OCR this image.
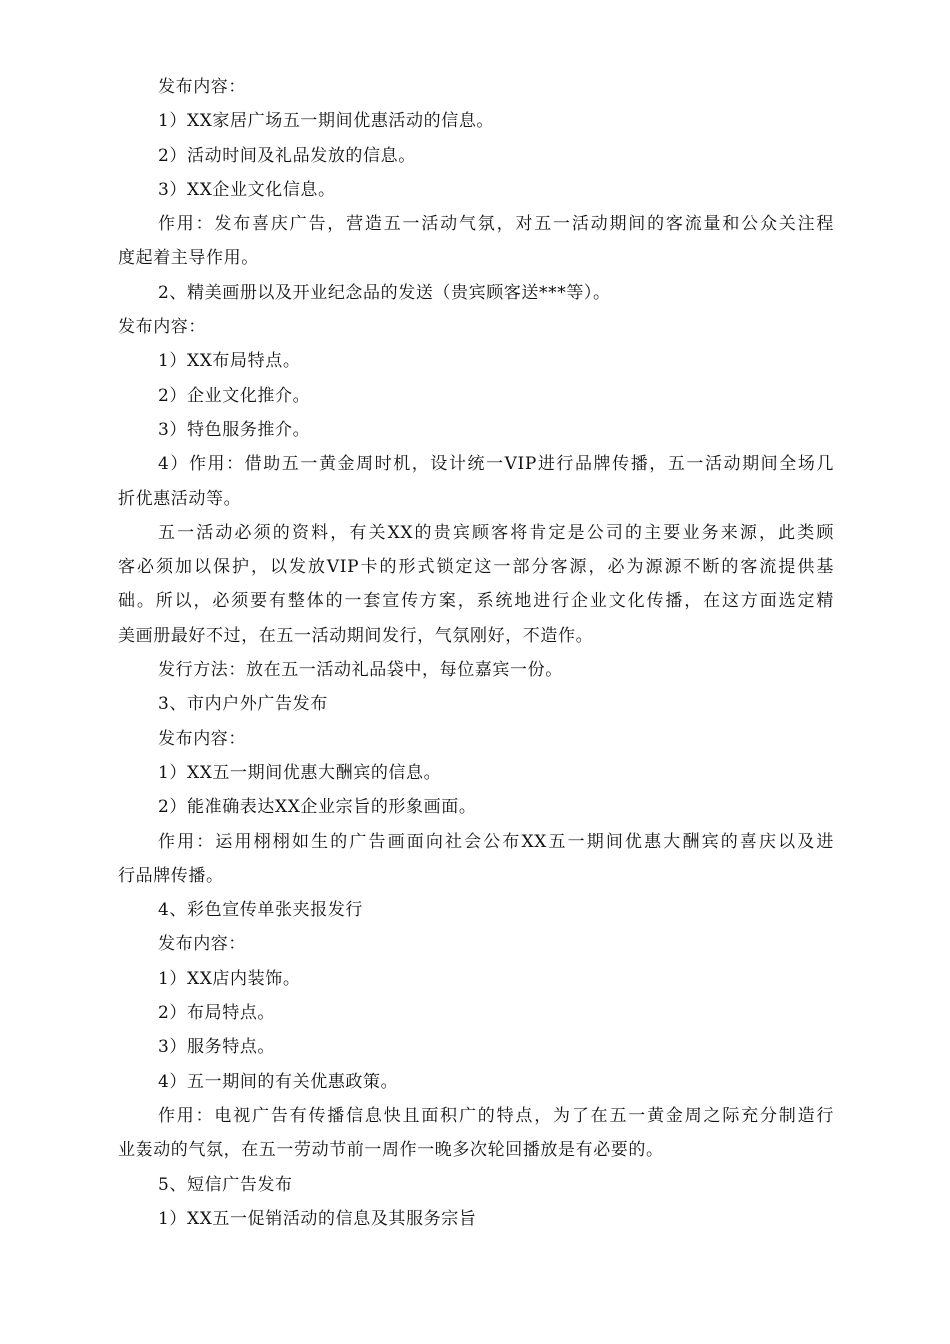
发布内容：
1）XX家居广场五一期间优惠活动的信息。
2）活动时间及礼品发放的信息。
3）XX企业文化信息。
作用：发布喜庆广告，营造五一活动气氛，对五一活动期间的客流量和公众关注程
度起着主导作用。
2、精美画册以及开业纪念品的发送（贵宾顾客送***等）。
发布内容：
1）XX布局特点。
2）企业文化推介。
3）特色服务推介。
4）作用：借助五一黄金周时机，设计统一VIP进行品牌传播，五一活动期间全场几
折优惠活动等。
五一活动必须的资料，有关XX的贵宾顾客将肯定是公司的主要业务来源，此类顾
客必须加以保护，以发放VIP卡的形式锁定这一部分客源，必为源源不断的客流提供基
础。所以，必须要有整体的一套宣传方案，系统地进行企业文化传播，在这方面选定精
美画册最好不过，在五一活动期间发行，气氛刚好，不造作。
发行方法：放在五一活动礼品袋中，每位嘉宾一份。
3、市内户外广告发布
发布内容：
1）XX五一期间优惠大酬宾的信息。
2）能准确表达XX企业宗旨的形象画面。
作用：运用栩栩如生的广告画面向社会公布XX五一期间优惠大酬宾的喜庆以及进
行品牌传播。
4、彩色宣传单张夹报发行
发布内容：
1）XX店内装饰。
2）布局特点。
3）服务特点。
4）五一期间的有关优惠政策。
作用：电视广告有传播信息快且面积广的特点，为了在五一黄金周之际充分制造行
业轰动的气氛，在五一劳动节前一周作一晚多次轮回播放是有必要的。
5、短信广告发布
1）XX五一促销活动的信息及其服务宗旨
